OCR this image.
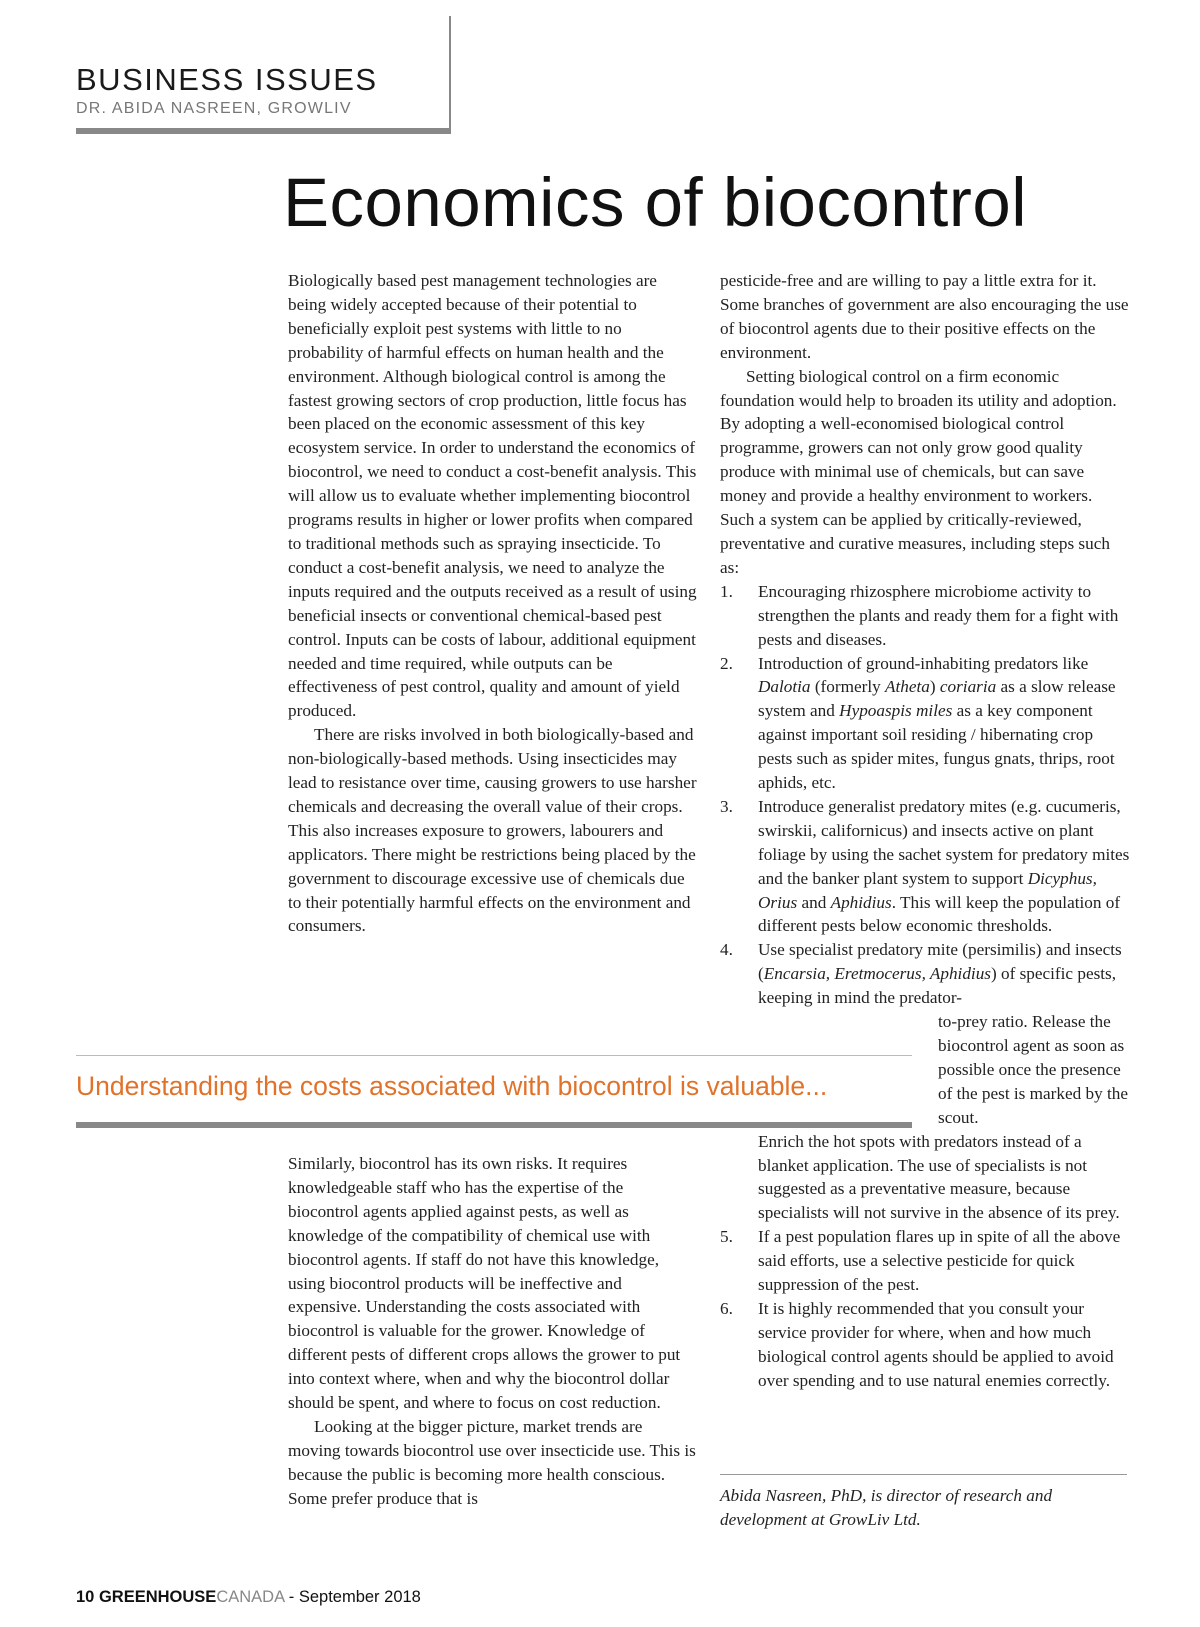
BUSINESS ISSUES
DR. ABIDA NASREEN, GROWLIV
Economics of biocontrol

Biologically based pest management technologies are being widely accepted because of their potential to beneficially exploit pest systems with little to no probability of harmful effects on human health and the environment. Although biological control is among the fastest growing sectors of crop production, little focus has been placed on the economic assessment of this key ecosystem service. In order to understand the economics of biocontrol, we need to conduct a cost-benefit analysis. This will allow us to evaluate whether implementing biocontrol programs results in higher or lower profits when compared to traditional methods such as spraying insecticide. To conduct a cost-benefit analysis, we need to analyze the inputs required and the outputs received as a result of using beneficial insects or conventional chemical-based pest control. Inputs can be costs of labour, additional equipment needed and time required, while outputs can be effectiveness of pest control, quality and amount of yield produced.

There are risks involved in both biologically-based and non-biologically-based methods. Using insecticides may lead to resistance over time, causing growers to use harsher chemicals and decreasing the overall value of their crops. This also increases exposure to growers, labourers and applicators. There might be restrictions being placed by the government to discourage excessive use of chemicals due to their potentially harmful effects on the environment and consumers.

Understanding the costs associated with biocontrol is valuable...

Similarly, biocontrol has its own risks. It requires knowledgeable staff who has the expertise of the biocontrol agents applied against pests, as well as knowledge of the compatibility of chemical use with biocontrol agents. If staff do not have this knowledge, using biocontrol products will be ineffective and expensive. Understanding the costs associated with biocontrol is valuable for the grower. Knowledge of different pests of different crops allows the grower to put into context where, when and why the biocontrol dollar should be spent, and where to focus on cost reduction.

Looking at the bigger picture, market trends are moving towards biocontrol use over insecticide use. This is because the public is becoming more health conscious. Some prefer produce that is

pesticide-free and are willing to pay a little extra for it. Some branches of government are also encouraging the use of biocontrol agents due to their positive effects on the environment.

Setting biological control on a firm economic foundation would help to broaden its utility and adoption. By adopting a well-economised biological control programme, growers can not only grow good quality produce with minimal use of chemicals, but can save money and provide a healthy environment to workers. Such a system can be applied by critically-reviewed, preventative and curative measures, including steps such as:

1. Encouraging rhizosphere microbiome activity to strengthen the plants and ready them for a fight with pests and diseases.
2. Introduction of ground-inhabiting predators like Dalotia (formerly Atheta) coriaria as a slow release system and Hypoaspis miles as a key component against important soil residing / hibernating crop pests such as spider mites, fungus gnats, thrips, root aphids, etc.
3. Introduce generalist predatory mites (e.g. cucumeris, swirskii, californicus) and insects active on plant foliage by using the sachet system for predatory mites and the banker plant system to support Dicyphus, Orius and Aphidius. This will keep the population of different pests below economic thresholds.
4. Use specialist predatory mite (persimilis) and insects (Encarsia, Eretmocerus, Aphidius) of specific pests, keeping in mind the predator-
to-prey ratio. Release the biocontrol agent as soon as possible once the presence of the pest is marked by the scout.
Enrich the hot spots with predators instead of a blanket application. The use of specialists is not suggested as a preventative measure, because specialists will not survive in the absence of its prey.
5. If a pest population flares up in spite of all the above said efforts, use a selective pesticide for quick suppression of the pest.
6. It is highly recommended that you consult your service provider for where, when and how much biological control agents should be applied to avoid over spending and to use natural enemies correctly.
Abida Nasreen, PhD, is director of research and development at GrowLiv Ltd.
10 GREENHOUSECANADA - September 2018
